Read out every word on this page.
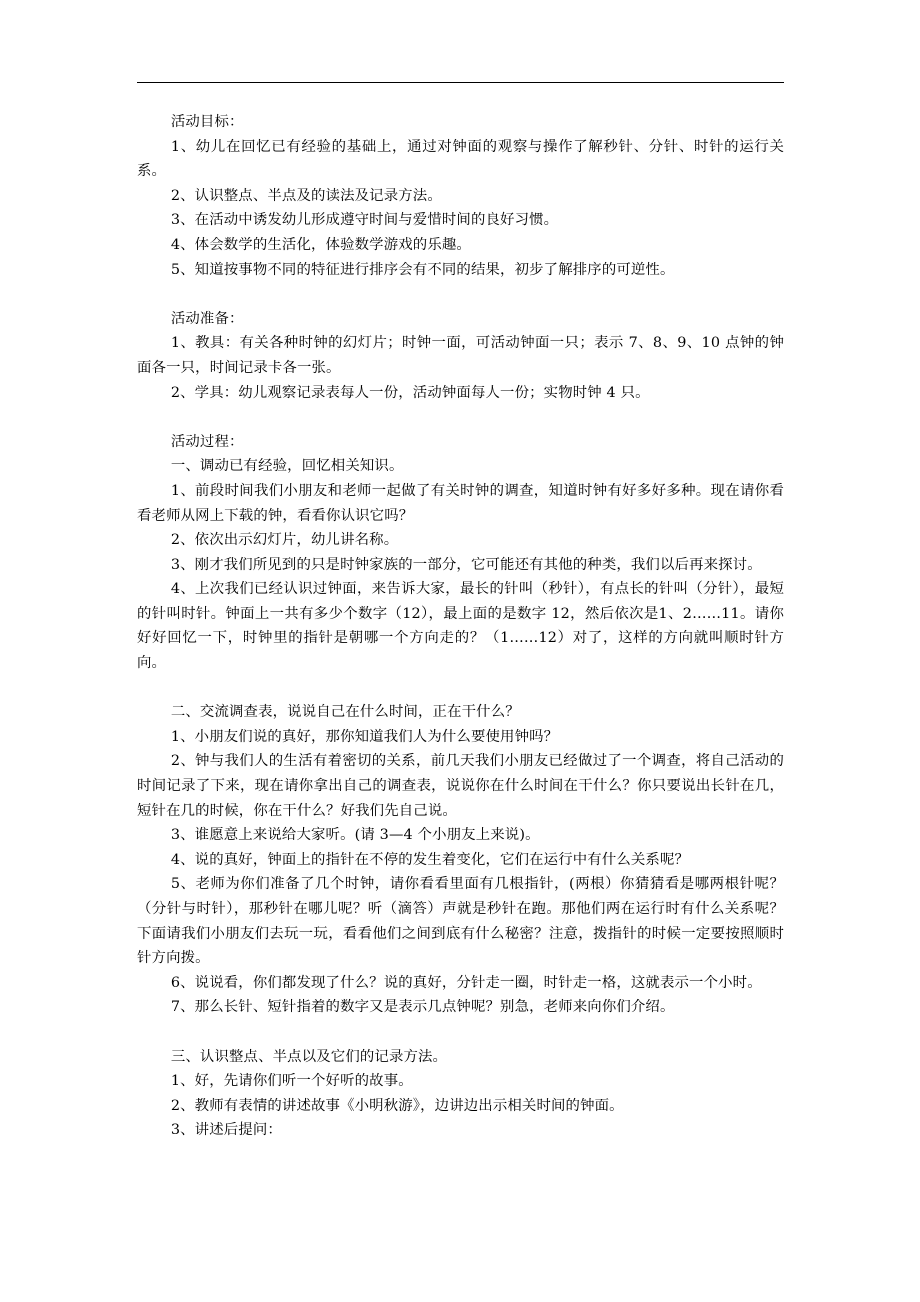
活动目标：

1、幼儿在回忆已有经验的基础上，通过对钟面的观察与操作了解秒针、分针、时针的运行关系。

2、认识整点、半点及的读法及记录方法。

3、在活动中诱发幼儿形成遵守时间与爱惜时间的良好习惯。

4、体会数学的生活化，体验数学游戏的乐趣。

5、知道按事物不同的特征进行排序会有不同的结果，初步了解排序的可逆性。

活动准备：

1、教具：有关各种时钟的幻灯片；时钟一面，可活动钟面一只；表示 7、8、9、10 点钟的钟面各一只，时间记录卡各一张。

2、学具：幼儿观察记录表每人一份，活动钟面每人一份；实物时钟 4 只。

活动过程：

一、调动已有经验，回忆相关知识。

1、前段时间我们小朋友和老师一起做了有关时钟的调查，知道时钟有好多好多种。现在请你看看老师从网上下载的钟，看看你认识它吗？

2、依次出示幻灯片，幼儿讲名称。

3、刚才我们所见到的只是时钟家族的一部分，它可能还有其他的种类，我们以后再来探讨。

4、上次我们已经认识过钟面，来告诉大家，最长的针叫（秒针），有点长的针叫（分针），最短的针叫时针。钟面上一共有多少个数字（12），最上面的是数字 12，然后依次是1、2……11。请你好好回忆一下，时钟里的指针是朝哪一个方向走的？（1……12）对了，这样的方向就叫顺时针方向。

二、交流调查表，说说自己在什么时间，正在干什么？

1、小朋友们说的真好，那你知道我们人为什么要使用钟吗？

2、钟与我们人的生活有着密切的关系，前几天我们小朋友已经做过了一个调查，将自己活动的时间记录了下来，现在请你拿出自己的调查表，说说你在什么时间在干什么？你只要说出长针在几，短针在几的时候，你在干什么？好我们先自己说。

3、谁愿意上来说给大家听。(请 3—4 个小朋友上来说)。

4、说的真好，钟面上的指针在不停的发生着变化，它们在运行中有什么关系呢？

5、老师为你们准备了几个时钟，请你看看里面有几根指针，(两根）你猜猜看是哪两根针呢？（分针与时针），那秒针在哪儿呢？听（滴答）声就是秒针在跑。那他们两在运行时有什么关系呢？下面请我们小朋友们去玩一玩，看看他们之间到底有什么秘密？注意，拨指针的时候一定要按照顺时针方向拨。

6、说说看，你们都发现了什么？说的真好，分针走一圈，时针走一格，这就表示一个小时。

7、那么长针、短针指着的数字又是表示几点钟呢？别急，老师来向你们介绍。

三、认识整点、半点以及它们的记录方法。

1、好，先请你们听一个好听的故事。

2、教师有表情的讲述故事《小明秋游》，边讲边出示相关时间的钟面。

3、讲述后提问：
